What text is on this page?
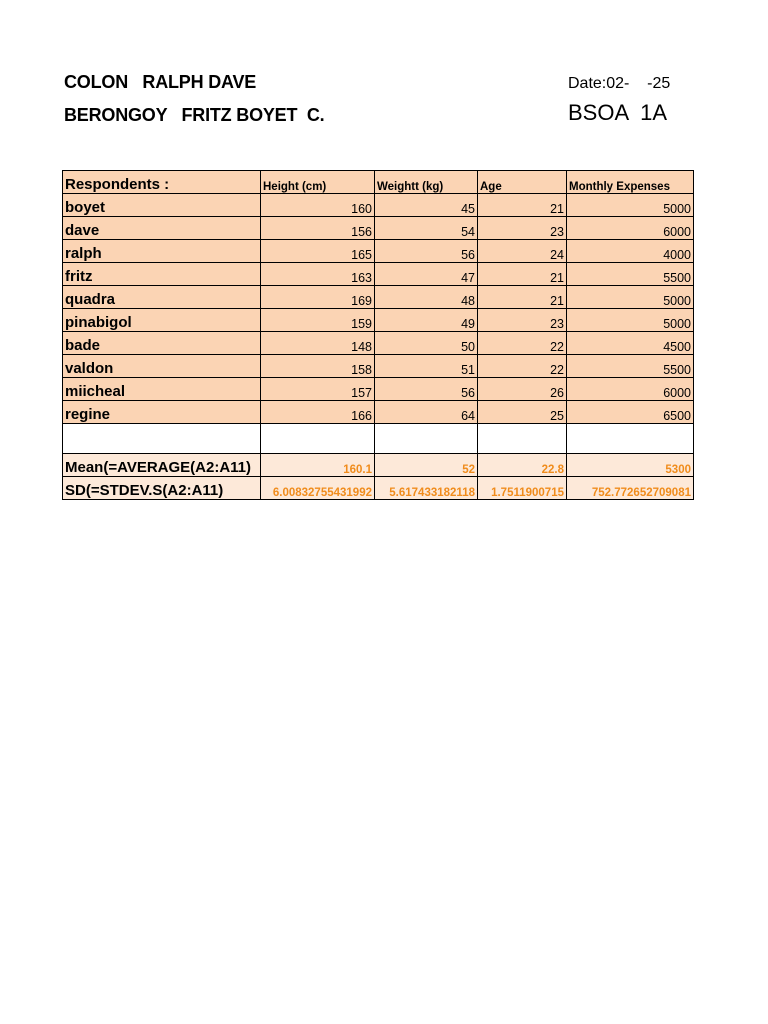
COLON   RALPH DAVE
BERONGOY   FRITZ BOYET  C.
Date:02-    -25
BSOA  1A
Respondents :	Height (cm)	Weightt (kg)	Age	Monthly Expenses
boyet	160	45	21	5000
dave	156	54	23	6000
ralph	165	56	24	4000
fritz	163	47	21	5500
quadra	169	48	21	5000
pinabigol	159	49	23	5000
bade	148	50	22	4500
valdon	158	51	22	5500
miicheal	157	56	26	6000
regine	166	64	25	6500

Mean(=AVERAGE(A2:A11)	160.1	52	22.8	5300
SD(=STDEV.S(A2:A11)	6.00832755431992	5.617433182118	1.7511900715	752.772652709081
